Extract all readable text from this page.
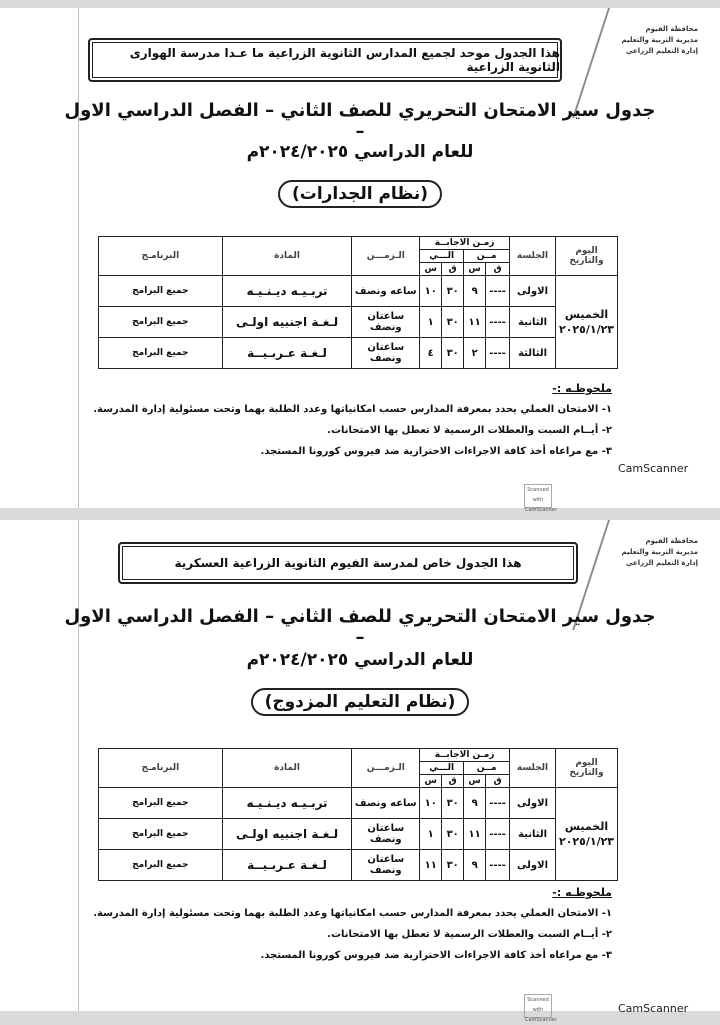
محافظة الفيوم
مديرية التربية والتعليم
إدارة التعليم الزراعي
هذا الجدول موحد لجميع المدارس الثانوية الزراعية ما عـدا مدرسة الهوارى الثانوية الزراعية
جدول سير الامتحان التحريري للصف الثاني – الفصل الدراسي الاول –
للعام الدراسي ٢٠٢٤/٢٠٢٥م
(نظام الجدارات)
اليوم والتاريخ	الجلسة	زمـن الاجابــة				الـزمـــن	المادة	البرنامـج
		مــن		الـــي				
		ق	س	ق	س			

الخميس
٢٠٢٥/١/٢٣	الاولى	----	٩	٣٠	١٠	ساعه ونصف	تربـيـه ديـنـيـه	جميع البرامج
	الثانية	----	١١	٣٠	١	ساعتان ونصف	لـغـة اجنبيه اولـى	جميع البرامج
	الثالثة	----	٢	٣٠	٤	ساعتان ونصف	لـغـة عـربـيــة	جميع البرامج
ملحوظـه :-
١- الامتحان العملي يحدد بمعرفة المدارس حسب امكانياتها وعدد الطلبة بهما وتحت مسئولية إدارة المدرسة.
٢- أيــام السبت والعطلات الرسمية لا تعطل بها الامتحانات.
٣- مع مراعاه أخذ كافة الاجراءات الاحترازية ضد فيروس كورونا المستجد.
Scanned with CamScanner
CamScanner
محافظة الفيوم
مديرية التربية والتعليم
إدارة التعليم الزراعي
هذا الجدول خاص لمدرسة الفيوم الثانوية الزراعية العسكرية
جدول سير الامتحان التحريري للصف الثاني – الفصل الدراسي الاول –
للعام الدراسي ٢٠٢٤/٢٠٢٥م
(نظام التعليم المزدوج)
اليوم والتاريخ	الجلسة	زمـن الاجابــة				الـزمـــن	المادة	البرنامـج
		مــن		الـــي				
		ق	س	ق	س			

الخميس
٢٠٢٥/١/٢٣	الاولى	----	٩	٣٠	١٠	ساعه ونصف	تربـيـه ديـنـيـه	جميع البرامج
	الثانية	----	١١	٣٠	١	ساعتان ونصف	لـغـة اجنبيه اولـى	جميع البرامج
	الاولى	----	٩	٣٠	١١	ساعتان ونصف	لـغـة عـربـيــة	جميع البرامج
ملحوظـه :-
١- الامتحان العملي يحدد بمعرفة المدارس حسب امكانياتها وعدد الطلبة بهما وتحت مسئولية إدارة المدرسة.
٢- أيــام السبت والعطلات الرسمية لا تعطل بها الامتحانات.
٣- مع مراعاه أخذ كافة الاجراءات الاحترازية ضد فيروس كورونا المستجد.
Scanned with CamScanner
CamScanner
